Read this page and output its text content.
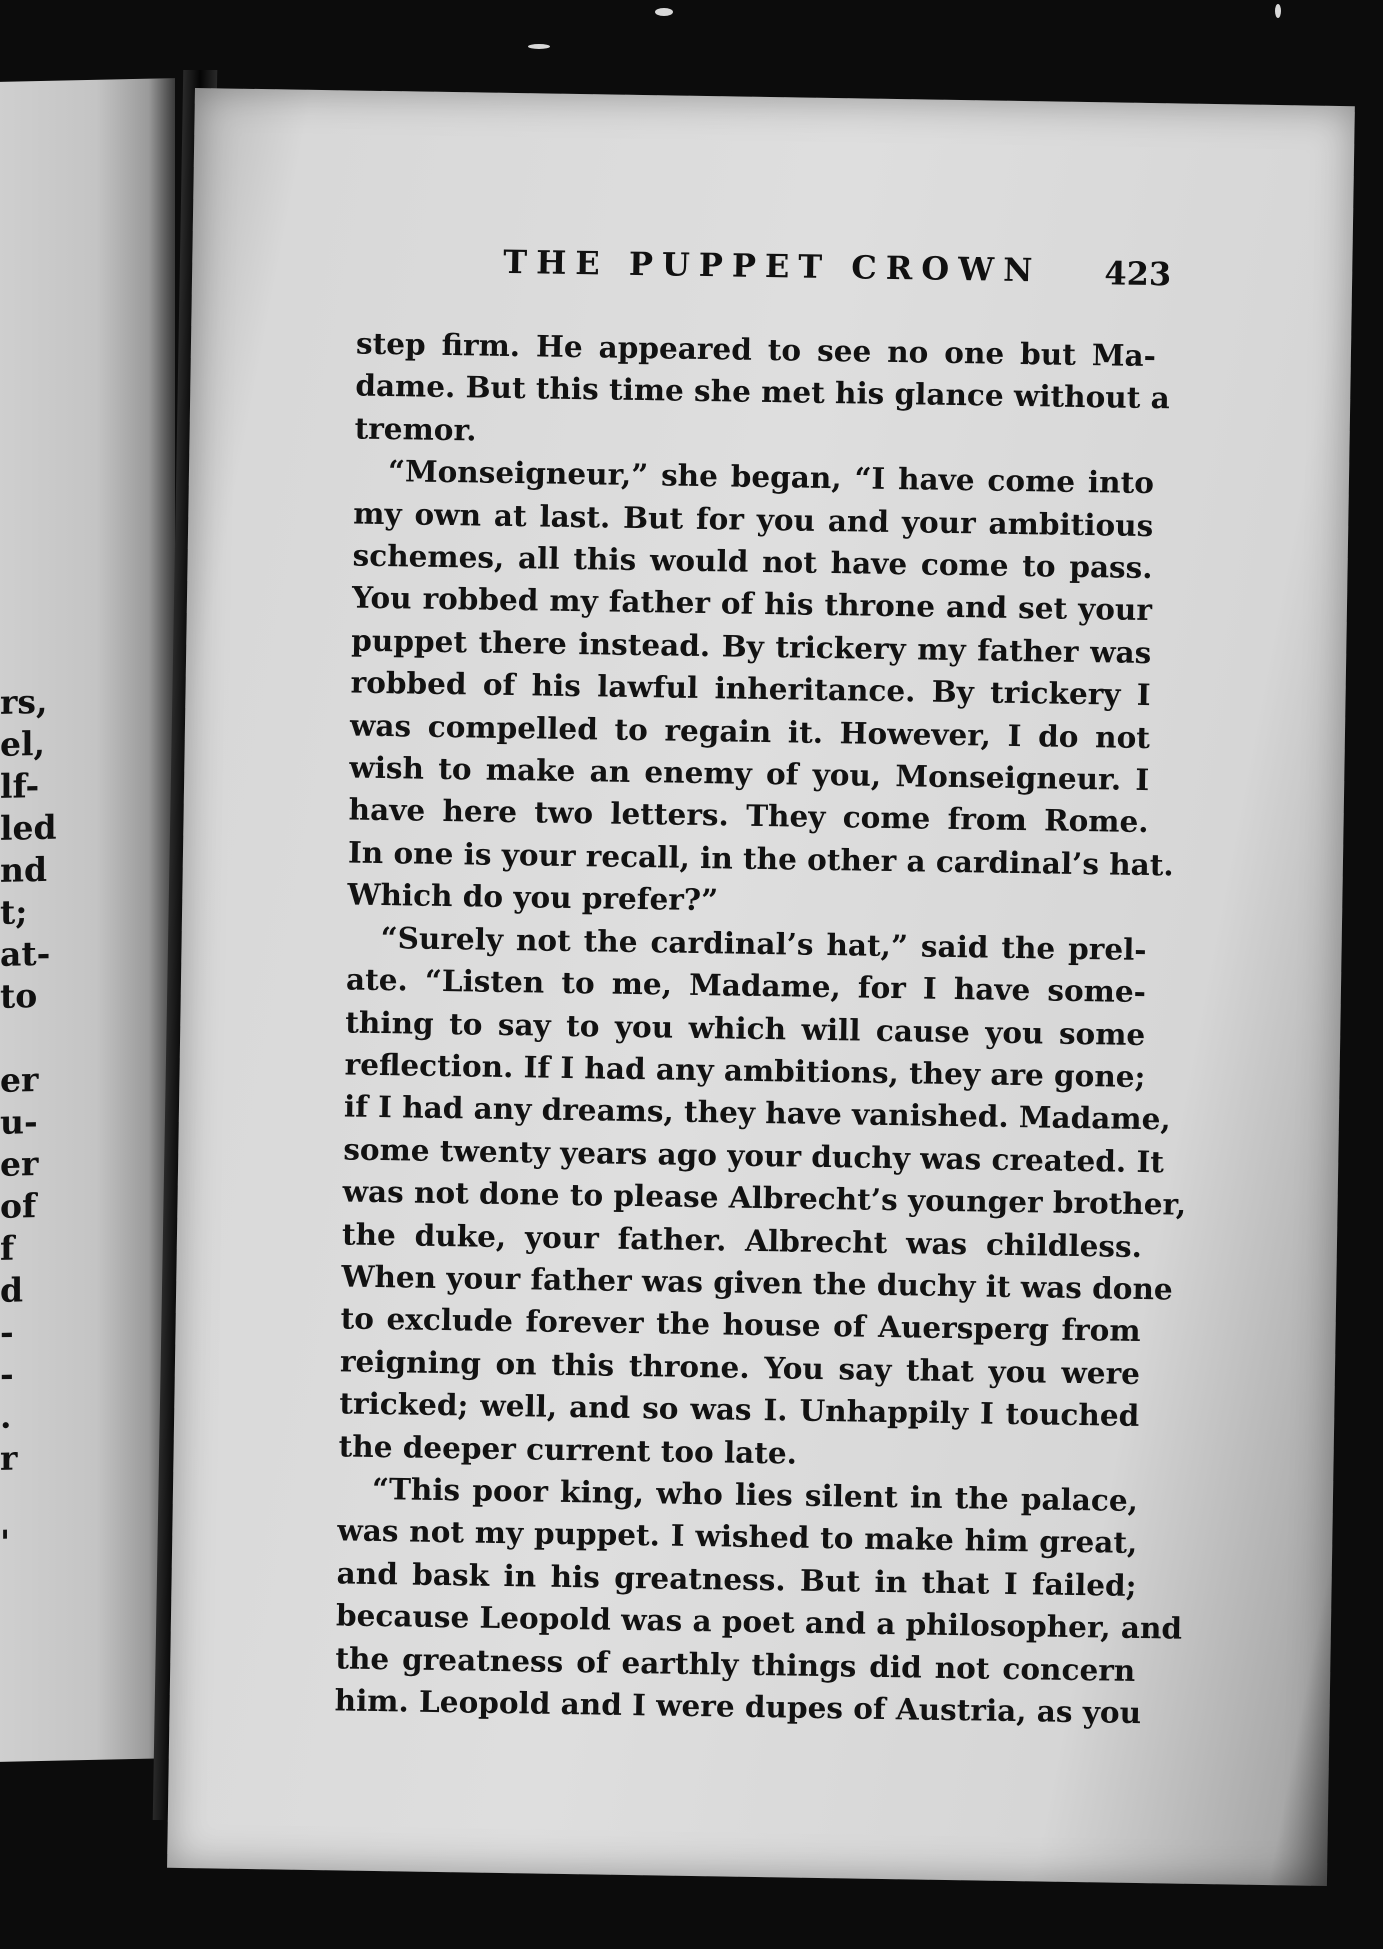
rs,
el,
lf-
led
nd
t;
at-
to

er
u-
er
of
f
d
-
-
.
r

'
THE PUPPET CROWN 423
step firm. He appeared to see no one but Ma-
dame. But this time she met his glance without a
tremor.
“Monseigneur,” she began, “I have come into
my own at last. But for you and your ambitious
schemes, all this would not have come to pass.
You robbed my father of his throne and set your
puppet there instead. By trickery my father was
robbed of his lawful inheritance. By trickery I
was compelled to regain it. However, I do not
wish to make an enemy of you, Monseigneur. I
have here two letters. They come from Rome.
In one is your recall, in the other a cardinal’s hat.
Which do you prefer?”
“Surely not the cardinal’s hat,” said the prel-
ate. “Listen to me, Madame, for I have some-
thing to say to you which will cause you some
reflection. If I had any ambitions, they are gone;
if I had any dreams, they have vanished. Madame,
some twenty years ago your duchy was created. It
was not done to please Albrecht’s younger brother,
the duke, your father. Albrecht was childless.
When your father was given the duchy it was done
to exclude forever the house of Auersperg from
reigning on this throne. You say that you were
tricked; well, and so was I. Unhappily I touched
the deeper current too late.
“This poor king, who lies silent in the palace,
was not my puppet. I wished to make him great,
and bask in his greatness. But in that I failed;
because Leopold was a poet and a philosopher, and
the greatness of earthly things did not concern
him. Leopold and I were dupes of Austria, as you
